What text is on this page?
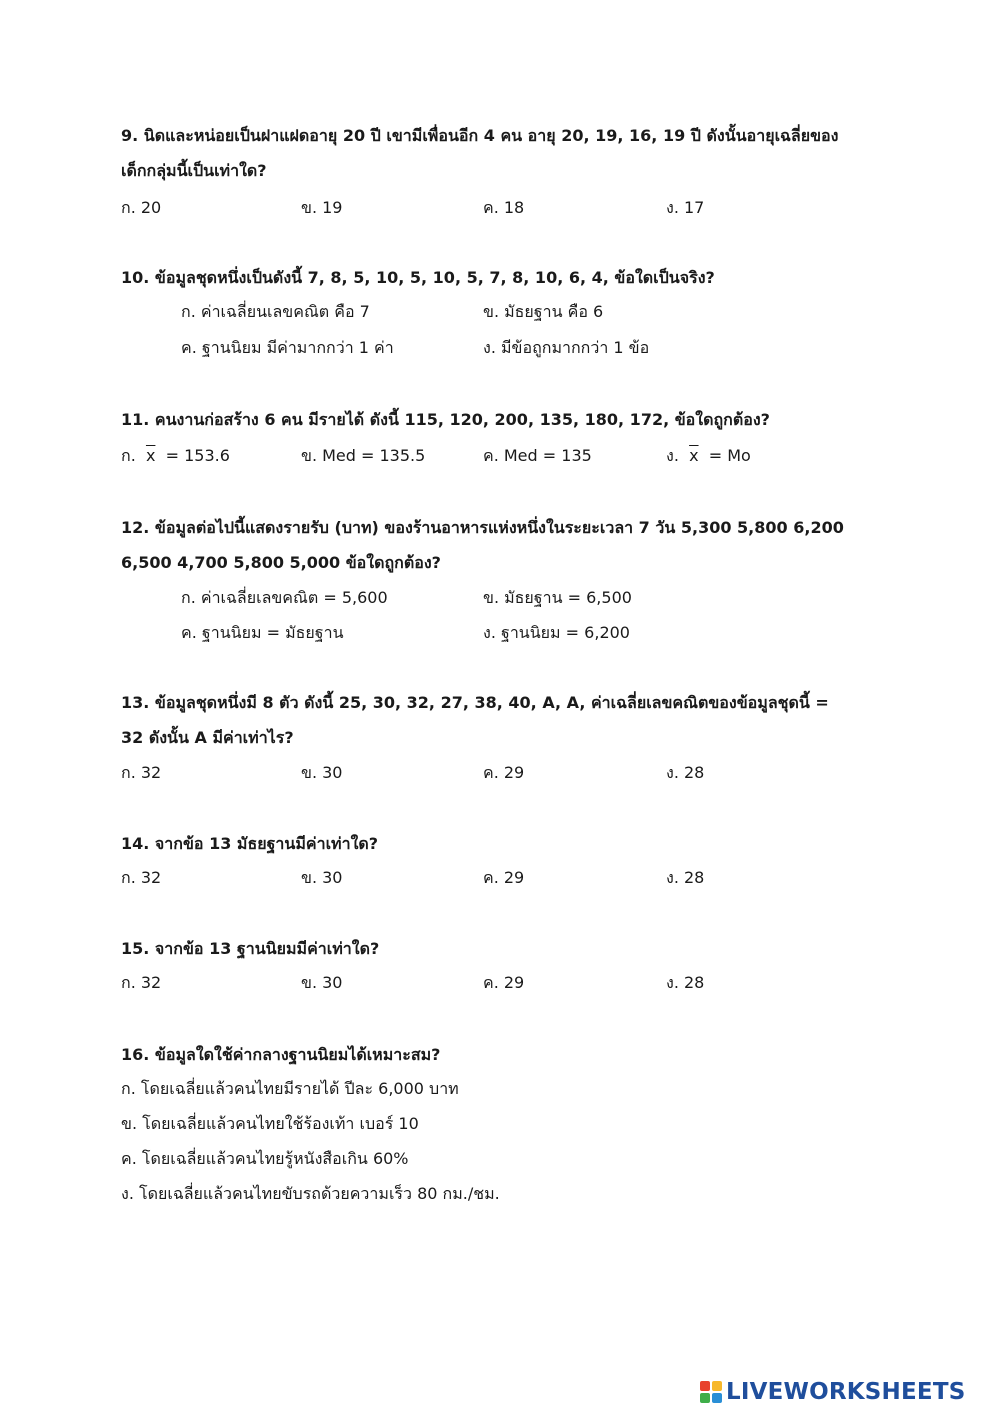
9. นิดและหน่อยเป็นฝาแฝดอายุ 20 ปี เขามีเพื่อนอีก 4 คน อายุ 20, 19, 16, 19 ปี ดังนั้นอายุเฉลี่ยของ
เด็กกลุ่มนี้เป็นเท่าใด?
ก. 20	ข. 19	ค. 18	ง. 17
10. ข้อมูลชุดหนึ่งเป็นดังนี้ 7, 8, 5, 10, 5, 10, 5, 7, 8, 10, 6, 4, ข้อใดเป็นจริง?
ก. ค่าเฉลี่ยนเลขคณิต คือ 7	ข. มัธยฐาน คือ 6
ค. ฐานนิยม มีค่ามากกว่า 1 ค่า	ง. มีข้อถูกมากกว่า 1 ข้อ
11. คนงานก่อสร้าง 6 คน มีรายได้ ดังนี้ 115, 120, 200, 135, 180, 172, ข้อใดถูกต้อง?
ก. $\overline{x} = 153.6$	ข. Med = 135.5	ค. Med = 135	ง. $\overline{x} = Mo$
12. ข้อมูลต่อไปนี้แสดงรายรับ (บาท) ของร้านอาหารแห่งหนึ่งในระยะเวลา 7 วัน 5,300 5,800 6,200
6,500 4,700 5,800 5,000 ข้อใดถูกต้อง?
ก. ค่าเฉลี่ยเลขคณิต = 5,600	ข. มัธยฐาน = 6,500
ค. ฐานนิยม = มัธยฐาน	ง. ฐานนิยม = 6,200
13. ข้อมูลชุดหนึ่งมี 8 ตัว ดังนี้ 25, 30, 32, 27, 38, 40, A, A, ค่าเฉลี่ยเลขคณิตของข้อมูลชุดนี้ =
32 ดังนั้น A มีค่าเท่าไร?
ก. 32	ข. 30	ค. 29	ง. 28
14. จากข้อ 13 มัธยฐานมีค่าเท่าใด?
ก. 32	ข. 30	ค. 29	ง. 28
15. จากข้อ 13 ฐานนิยมมีค่าเท่าใด?
ก. 32	ข. 30	ค. 29	ง. 28
16. ข้อมูลใดใช้ค่ากลางฐานนิยมได้เหมาะสม?
ก. โดยเฉลี่ยแล้วคนไทยมีรายได้ ปีละ 6,000 บาท
ข. โดยเฉลี่ยแล้วคนไทยใช้ร้องเท้า เบอร์ 10
ค. โดยเฉลี่ยแล้วคนไทยรู้หนังสือเกิน 60%
ง. โดยเฉลี่ยแล้วคนไทยขับรถด้วยความเร็ว 80 กม./ชม.
LIVEWORKSHEETS
